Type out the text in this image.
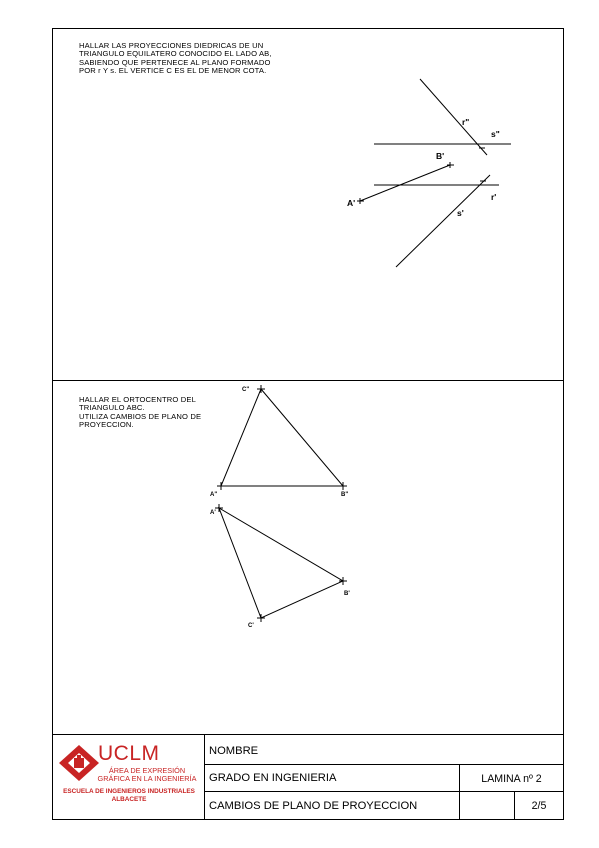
HALLAR LAS PROYECCIONES DIEDRICAS DE UN
TRIANGULO EQUILATERO CONOCIDO EL LADO AB,
SABIENDO QUE PERTENECE AL PLANO FORMADO
POR r Y s. EL VERTICE C ES EL DE MENOR COTA.
r"
s"
B'
A'
r'
s'
HALLAR EL ORTOCENTRO DEL
TRIANGULO ABC.
UTILIZA CAMBIOS DE PLANO DE
PROYECCION.
C"
A"	B"
A'
B'
C'
UCLM
ÁREA DE EXPRESIÓN
GRÁFICA EN LA INGENIERÍA
ESCUELA DE INGENIEROS INDUSTRIALES
ALBACETE
NOMBRE
GRADO EN INGENIERIA	LAMINA nº 2
CAMBIOS DE PLANO DE PROYECCION	2/5
